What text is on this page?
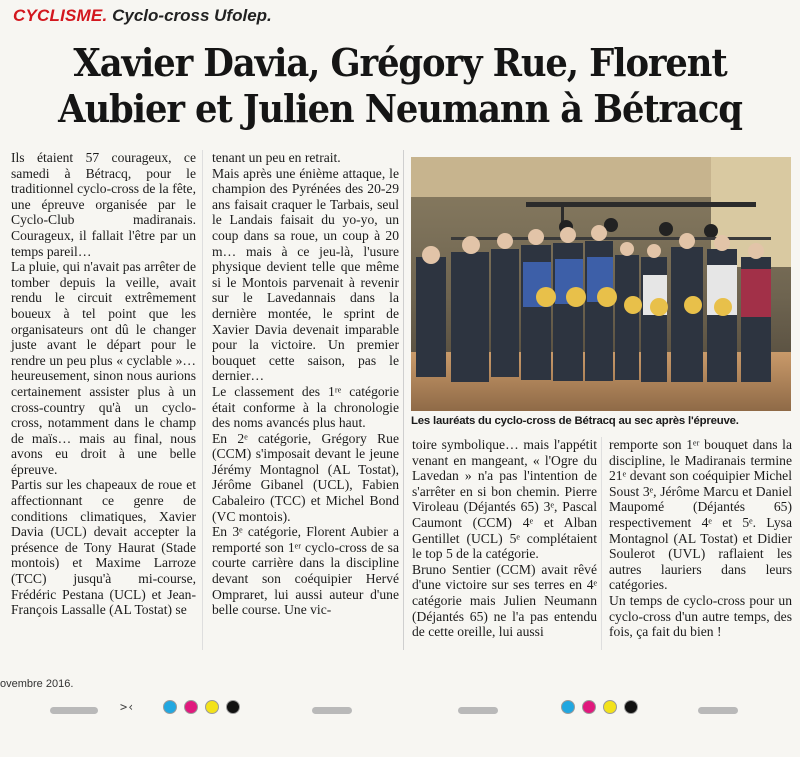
CYCLISME. Cyclo-cross Ufolep.
Xavier Davia, Grégory Rue, Florent
Aubier et Julien Neumann à Bétracq

Ils étaient 57 courageux, ce samedi à Bétracq, pour le traditionnel cyclo-cross de la fête, une épreuve organisée par le Cyclo-Club madiranais. Courageux, il fallait l'être par un temps pareil…

La pluie, qui n'avait pas arrêter de tomber depuis la veille, avait rendu le circuit extrêmement boueux à tel point que les organisateurs ont dû le changer juste avant le départ pour le rendre un peu plus « cyclable »… heureusement, sinon nous aurions certainement assister plus à un cross-country qu'à un cyclo-cross, notamment dans le champ de maïs… mais au final, nous avons eu droit à une belle épreuve.

Partis sur les chapeaux de roue et affectionnant ce genre de conditions climatiques, Xavier Davia (UCL) devait accepter la présence de Tony Haurat (Stade montois) et Maxime Larroze (TCC) jusqu'à mi-course, Frédéric Pestana (UCL) et Jean-François Lassalle (AL Tostat) se

tenant un peu en retrait.

Mais après une énième attaque, le champion des Pyrénées des 20-29 ans faisait craquer le Tarbais, seul le Landais faisait du yo-yo, un coup dans sa roue, un coup à 20 m… mais à ce jeu-là, l'usure physique devient telle que même si le Montois parvenait à revenir sur le Lavedannais dans la dernière montée, le sprint de Xavier Davia devenait imparable pour la victoire. Un premier bouquet cette saison, pas le dernier…

Le classement des 1ʳᵉ catégorie était conforme à la chronologie des noms avancés plus haut.

En 2ᵉ catégorie, Grégory Rue (CCM) s'imposait devant le jeune Jérémy Montagnol (AL Tostat), Jérôme Gibanel (UCL), Fabien Cabaleiro (TCC) et Michel Bond (VC montois).

En 3ᵉ catégorie, Florent Aubier a remporté son 1ᵉʳ cyclo-cross de sa courte carrière dans la discipline devant son coéquipier Hervé Ompraret, lui aussi auteur d'une belle course. Une vic-

Les lauréats du cyclo-cross de Bétracq au sec après l'épreuve.

toire symbolique… mais l'appétit venant en mangeant, « l'Ogre du Lavedan » n'a pas l'intention de s'arrêter en si bon chemin. Pierre Viroleau (Déjantés 65) 3ᵉ, Pascal Caumont (CCM) 4ᵉ et Alban Gentillet (UCL) 5ᵉ complétaient le top 5 de la catégorie.

Bruno Sentier (CCM) avait rêvé d'une victoire sur ses terres en 4ᵉ catégorie mais Julien Neumann (Déjantés 65) ne l'a pas entendu de cette oreille, lui aussi

remporte son 1ᵉʳ bouquet dans la discipline, le Madiranais termine 21ᵉ devant son coéquipier Michel Soust 3ᵉ, Jérôme Marcu et Daniel Maupomé (Déjantés 65) respectivement 4ᵉ et 5ᵉ. Lysa Montagnol (AL Tostat) et Didier Soulerot (UVL) raflaient les autres lauriers dans leurs catégories.

Un temps de cyclo-cross pour un cyclo-cross d'un autre temps, des fois, ça fait du bien !

ovembre 2016.
>‹
